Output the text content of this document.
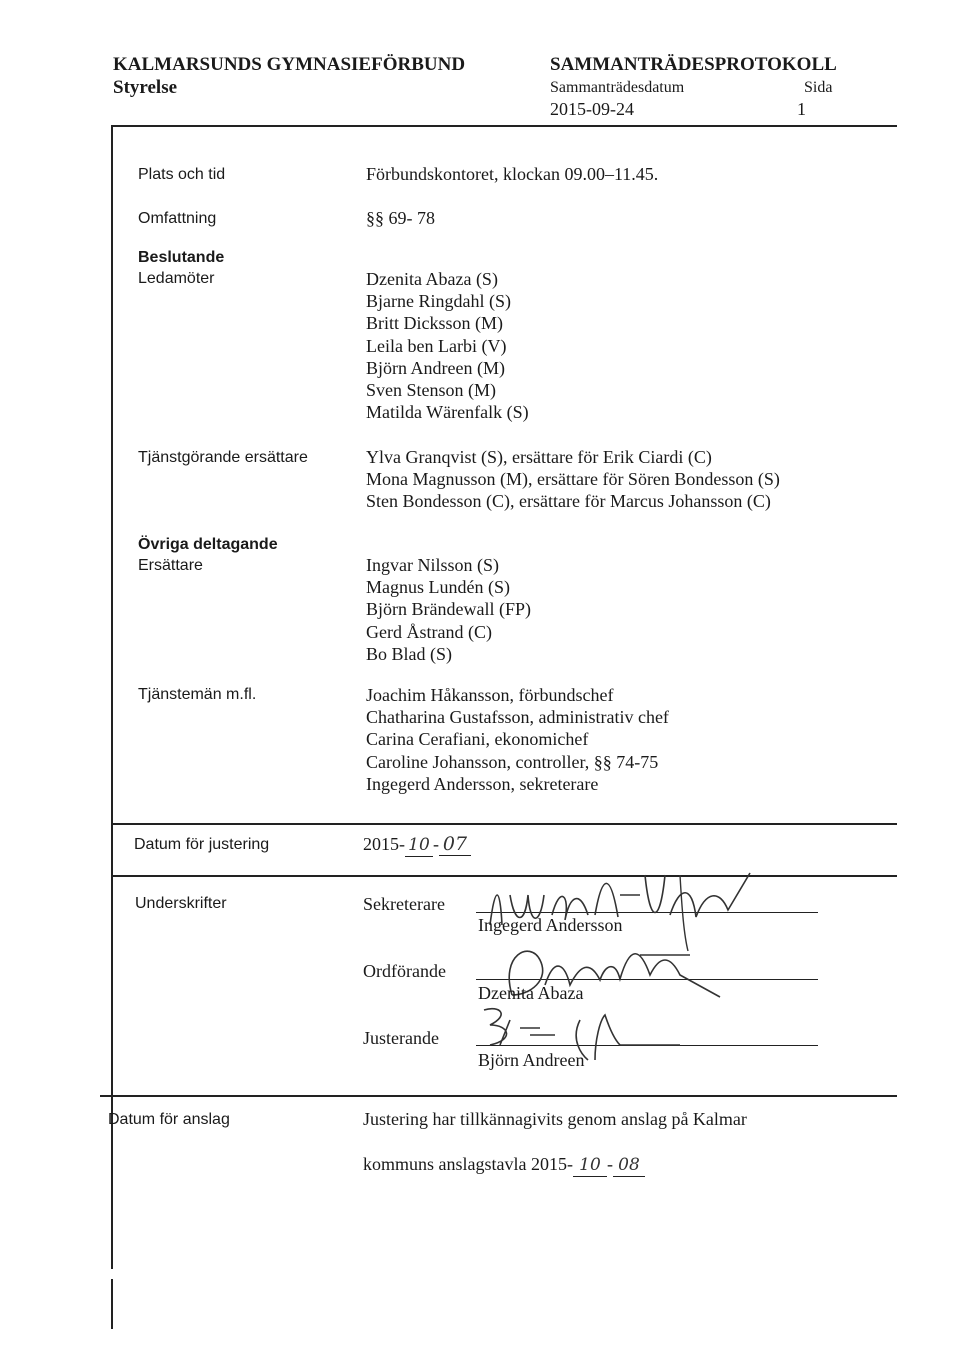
KALMARSUNDS GYMNASIEFÖRBUND
Styrelse
SAMMANTRÄDESPROTOKOLL
Sammanträdesdatum	Sida
2015-09-24	1
Plats och tid	Förbundskontoret, klockan 09.00–11.45.
Omfattning	§§ 69- 78
Beslutande
Ledamöter	Dzenita Abaza (S)
Bjarne Ringdahl (S)
Britt Dicksson (M)
Leila ben Larbi (V)
Björn Andreen (M)
Sven Stenson (M)
Matilda Wärenfalk (S)
Tjänstgörande ersättare	Ylva Granqvist (S), ersättare för Erik Ciardi (C)
Mona Magnusson (M), ersättare för Sören Bondesson (S)
Sten Bondesson (C), ersättare för Marcus Johansson (C)
Övriga deltagande
Ersättare	Ingvar Nilsson (S)
Magnus Lundén (S)
Björn Brändewall (FP)
Gerd Åstrand (C)
Bo Blad (S)
Tjänstemän m.fl.	Joachim Håkansson, förbundschef
Chatharina Gustafsson, administrativ chef
Carina Cerafiani, ekonomichef
Caroline Johansson, controller, §§ 74-75
Ingegerd Andersson, sekreterare
Datum för justering	2015- 10 - 07
Underskrifter	Sekreterare
Ingegerd Andersson
Ordförande
Dzenita Abaza
Justerande
Björn Andreen
Datum för anslag	Justering har tillkännagivits genom anslag på Kalmar
kommuns anslagstavla 2015- 10 - 08
